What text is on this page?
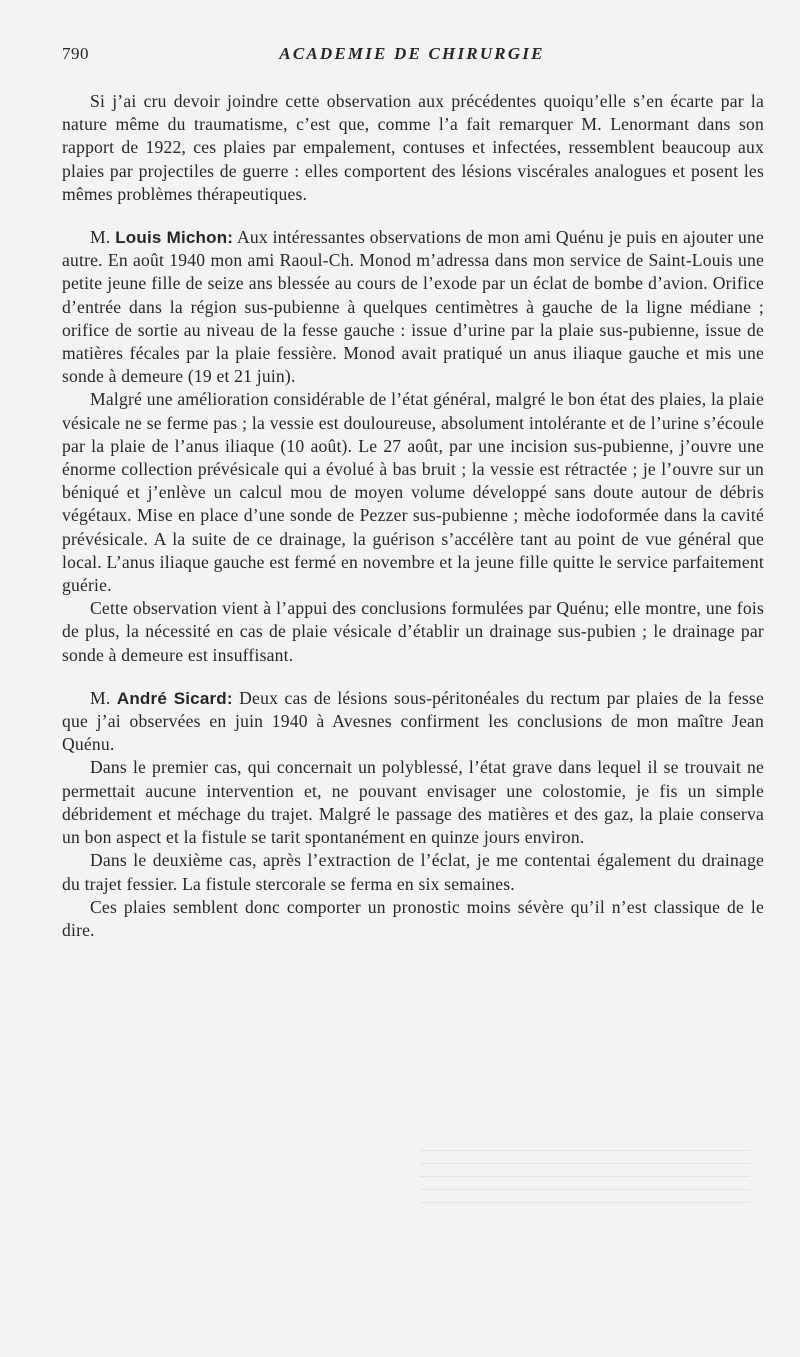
790	ACADEMIE DE CHIRURGIE

Si j’ai cru devoir joindre cette observation aux précédentes quoiqu’elle s’en écarte par la nature même du traumatisme, c’est que, comme l’a fait remarquer M. Lenormant dans son rapport de 1922, ces plaies par empalement, contuses et infectées, ressemblent beaucoup aux plaies par projectiles de guerre : elles comportent des lésions viscérales analogues et posent les mêmes problèmes thérapeutiques.

M. Louis Michon: Aux intéressantes observations de mon ami Quénu je puis en ajouter une autre. En août 1940 mon ami Raoul-Ch. Monod m’adressa dans mon service de Saint-Louis une petite jeune fille de seize ans blessée au cours de l’exode par un éclat de bombe d’avion. Orifice d’entrée dans la région sus-pubienne à quelques centimètres à gauche de la ligne médiane ; orifice de sortie au niveau de la fesse gauche : issue d’urine par la plaie sus-pubienne, issue de matières fécales par la plaie fessière. Monod avait pratiqué un anus iliaque gauche et mis une sonde à demeure (19 et 21 juin).

Malgré une amélioration considérable de l’état général, malgré le bon état des plaies, la plaie vésicale ne se ferme pas ; la vessie est douloureuse, absolument intolérante et de l’urine s’écoule par la plaie de l’anus iliaque (10 août). Le 27 août, par une incision sus-pubienne, j’ouvre une énorme collection prévésicale qui a évolué à bas bruit ; la vessie est rétractée ; je l’ouvre sur un béniqué et j’enlève un calcul mou de moyen volume développé sans doute autour de débris végétaux. Mise en place d’une sonde de Pezzer sus-pubienne ; mèche iodoformée dans la cavité prévésicale. A la suite de ce drainage, la guérison s’accélère tant au point de vue général que local. L’anus iliaque gauche est fermé en novembre et la jeune fille quitte le service parfaitement guérie.

Cette observation vient à l’appui des conclusions formulées par Quénu; elle montre, une fois de plus, la nécessité en cas de plaie vésicale d’établir un drainage sus-pubien ; le drainage par sonde à demeure est insuffisant.

M. André Sicard: Deux cas de lésions sous-péritonéales du rectum par plaies de la fesse que j’ai observées en juin 1940 à Avesnes confirment les conclusions de mon maître Jean Quénu.

Dans le premier cas, qui concernait un polyblessé, l’état grave dans lequel il se trouvait ne permettait aucune intervention et, ne pouvant envisager une colostomie, je fis un simple débridement et méchage du trajet. Malgré le passage des matières et des gaz, la plaie conserva un bon aspect et la fistule se tarit spontanément en quinze jours environ.

Dans le deuxième cas, après l’extraction de l’éclat, je me contentai également du drainage du trajet fessier. La fistule stercorale se ferma en six semaines.

Ces plaies semblent donc comporter un pronostic moins sévère qu’il n’est classique de le dire.
